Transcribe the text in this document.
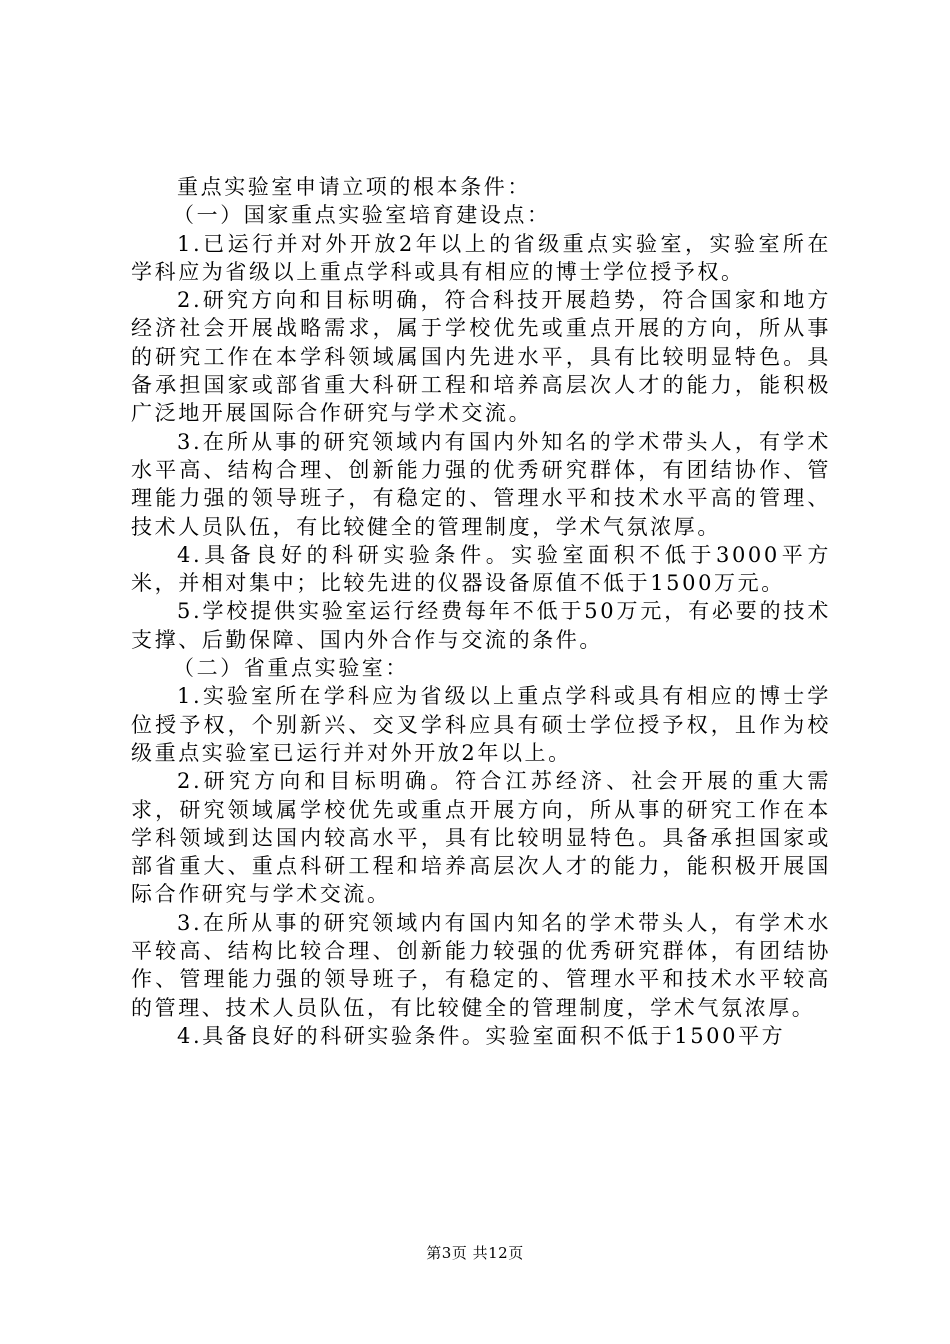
重点实验室申请立项的根本条件：

（一）国家重点实验室培育建设点：

1.已运行并对外开放2年以上的省级重点实验室，实验室所在学科应为省级以上重点学科或具有相应的博士学位授予权。

2.研究方向和目标明确，符合科技开展趋势，符合国家和地方经济社会开展战略需求，属于学校优先或重点开展的方向，所从事的研究工作在本学科领域属国内先进水平，具有比较明显特色。具备承担国家或部省重大科研工程和培养高层次人才的能力，能积极广泛地开展国际合作研究与学术交流。

3.在所从事的研究领域内有国内外知名的学术带头人，有学术水平高、结构合理、创新能力强的优秀研究群体，有团结协作、管理能力强的领导班子，有稳定的、管理水平和技术水平高的管理、技术人员队伍，有比较健全的管理制度，学术气氛浓厚。

4.具备良好的科研实验条件。实验室面积不低于3000平方米，并相对集中；比较先进的仪器设备原值不低于1500万元。

5.学校提供实验室运行经费每年不低于50万元，有必要的技术支撑、后勤保障、国内外合作与交流的条件。

（二）省重点实验室：

1.实验室所在学科应为省级以上重点学科或具有相应的博士学位授予权，个别新兴、交叉学科应具有硕士学位授予权，且作为校级重点实验室已运行并对外开放2年以上。

2.研究方向和目标明确。符合江苏经济、社会开展的重大需求，研究领域属学校优先或重点开展方向，所从事的研究工作在本学科领域到达国内较高水平，具有比较明显特色。具备承担国家或部省重大、重点科研工程和培养高层次人才的能力，能积极开展国际合作研究与学术交流。

3.在所从事的研究领域内有国内知名的学术带头人，有学术水平较高、结构比较合理、创新能力较强的优秀研究群体，有团结协作、管理能力强的领导班子，有稳定的、管理水平和技术水平较高的管理、技术人员队伍，有比较健全的管理制度，学术气氛浓厚。

4.具备良好的科研实验条件。实验室面积不低于1500平方

第3页 共12页
